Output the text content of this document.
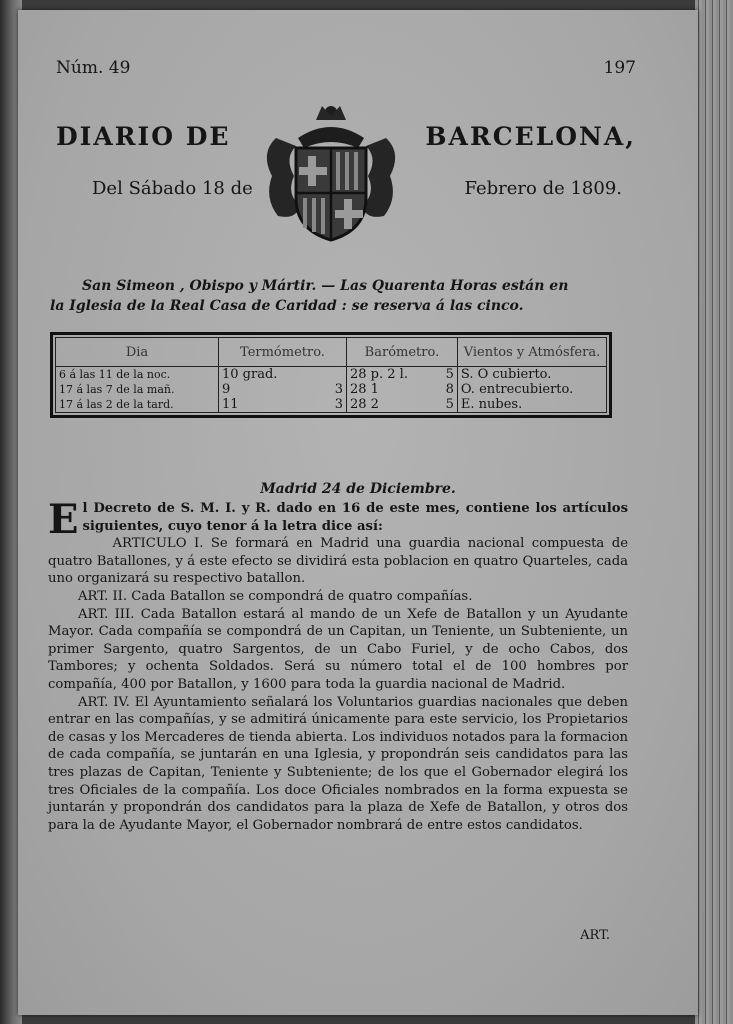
Núm. 49	197
DIARIO DE	BARCELONA,
Del Sábado 18 de	Febrero de 1809.
San Simeon , Obispo y Mártir. — Las Quarenta Horas están en
la Iglesia de la Real Casa de Caridad : se reserva á las cinco.
Dia	Termómetro.		Barómetro.		Vientos y Atmósfera.
6 á las 11 de la noc.	10 grad.		28 p. 2 l.	5	S. O cubierto.
17 á las 7 de la mañ.	9	3	28 1	8	O. entrecubierto.
17 á las 2 de la tard.	11	3	28 2	5	E. nubes.
Madrid 24 de Diciembre.

El Decreto de S. M. I. y R. dado en 16 de este mes, contiene los artículos siguientes, cuyo tenor á la letra dice así:

ARTICULO I. Se formará en Madrid una guardia nacional compuesta de quatro Batallones, y á este efecto se dividirá esta poblacion en quatro Quarteles, cada uno organizará su respectivo batallon.

ART. II. Cada Batallon se compondrá de quatro compañías.

ART. III. Cada Batallon estará al mando de un Xefe de Batallon y un Ayudante Mayor. Cada compañía se compondrá de un Capitan, un Teniente, un Subteniente, un primer Sargento, quatro Sargentos, de un Cabo Furiel, y de ocho Cabos, dos Tambores; y ochenta Soldados. Será su número total el de 100 hombres por compañía, 400 por Batallon, y 1600 para toda la guardia nacional de Madrid.

ART. IV. El Ayuntamiento señalará los Voluntarios guardias nacionales que deben entrar en las compañías, y se admitirá únicamente para este servicio, los Propietarios de casas y los Mercaderes de tienda abierta. Los individuos notados para la formacion de cada compañía, se juntarán en una Iglesia, y propondrán seis candidatos para las tres plazas de Capitan, Teniente y Subteniente; de los que el Gobernador elegirá los tres Oficiales de la compañía. Los doce Oficiales nombrados en la forma expuesta se juntarán y propondrán dos candidatos para la plaza de Xefe de Batallon, y otros dos para la de Ayudante Mayor, el Gobernador nombrará de entre estos candidatos.

ART.
